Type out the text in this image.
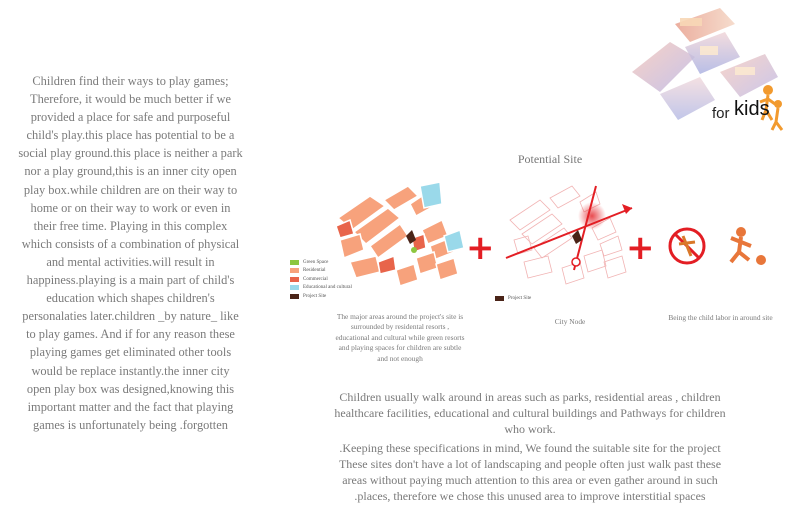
Children find their ways to play games; Therefore, it would be much better if we provided a place for safe and purposeful child's play.this place has potential to be a social play ground.this place is neither a park nor a play ground,this is an inner city open play box.while children are on their way to home or on their way to work or even in their free time. Playing in this complex which consists of a combination of physical and mental activities.will result in happiness.playing is a main part of child's education which shapes children's personalaties later.children _by nature_ like to play games. And if for any reason these playing games get eliminated other tools would be replace instantly.the inner city open play box was designed,knowing this important matter and the fact that playing games is unfortunately being .forgotten
for kids
Potential Site
Green Space
Residential
Commercial
Educational and cultural
Project Site
+	+
Project Site
The major areas around the project's site is surrounded by residental resorts , educational and cultural while green resorts and playing spaces for children are subtle and not enough
City Node	Being the child labor in around site

Children usually walk around in areas such as parks, residential areas , children healthcare facilities, educational and cultural buildings and Pathways for children who work.

.Keeping these specifications in mind, We found the suitable site for the project These sites don't have a lot of landscaping and people often just walk past these areas without paying much attention to this area or even gather around in such .places, therefore we chose this unused area to improve interstitial spaces
